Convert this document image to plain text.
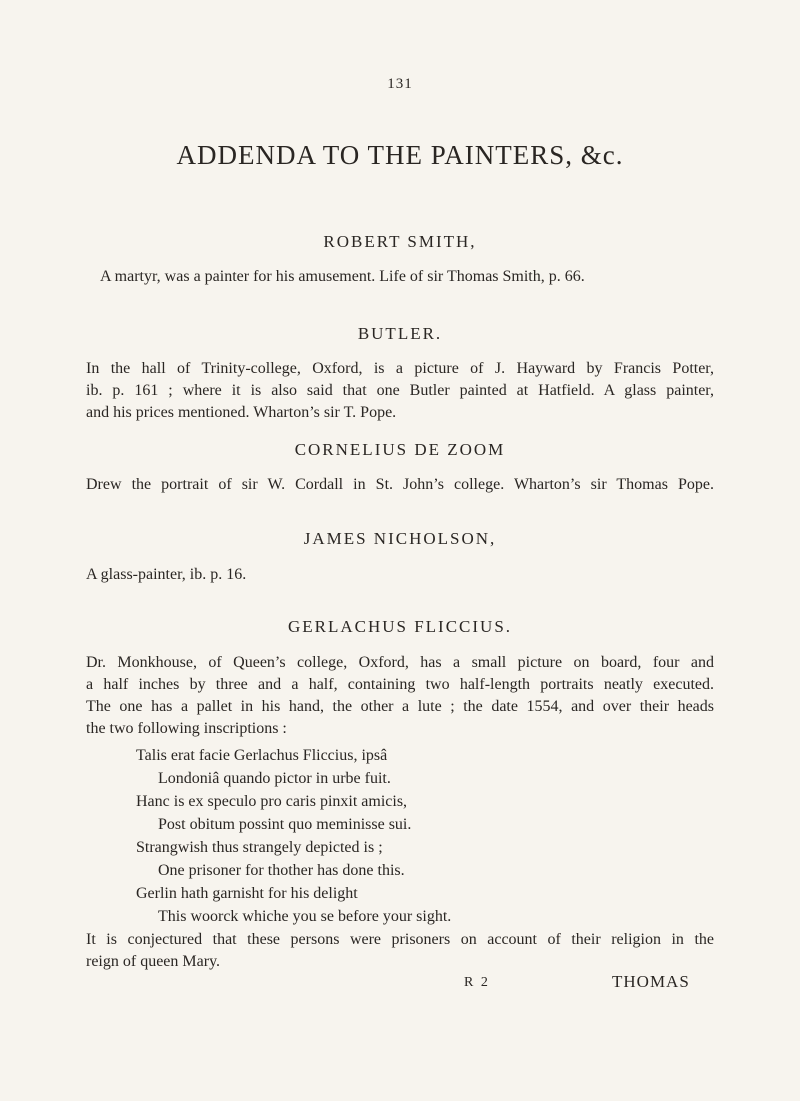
131
ADDENDA TO THE PAINTERS, &c.
ROBERT SMITH,
A martyr, was a painter for his amusement. Life of sir Thomas Smith, p. 66.
BUTLER.
In the hall of Trinity-college, Oxford, is a picture of J. Hayward by Francis Potter,
ib. p. 161 ; where it is also said that one Butler painted at Hatfield. A glass painter,
and his prices mentioned. Wharton’s sir T. Pope.
CORNELIUS DE ZOOM
Drew the portrait of sir W. Cordall in St. John’s college. Wharton’s sir Thomas Pope.
JAMES NICHOLSON,
A glass-painter, ib. p. 16.
GERLACHUS FLICCIUS.
Dr. Monkhouse, of Queen’s college, Oxford, has a small picture on board, four and
a half inches by three and a half, containing two half-length portraits neatly executed.
The one has a pallet in his hand, the other a lute ; the date 1554, and over their heads
the two following inscriptions :
Talis erat facie Gerlachus Fliccius, ipsâ
Londoniâ quando pictor in urbe fuit.
Hanc is ex speculo pro caris pinxit amicis,
Post obitum possint quo meminisse sui.
Strangwish thus strangely depicted is ;
One prisoner for thother has done this.
Gerlin hath garnisht for his delight
This woorck whiche you se before your sight.
It is conjectured that these persons were prisoners on account of their religion in the
reign of queen Mary.
R 2	THOMAS
